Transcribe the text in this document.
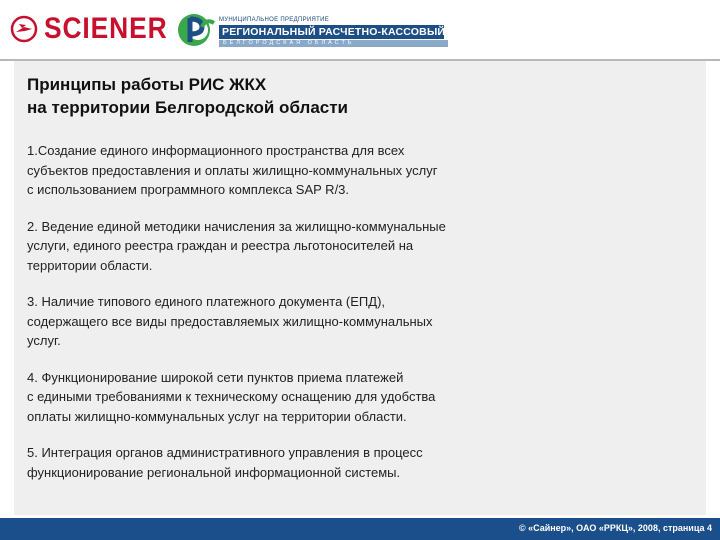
SCIENER	МУНИЦИПАЛЬНОЕ ПРЕДПРИЯТИЕ
РЕГИОНАЛЬНЫЙ РАСЧЕТНО-КАССОВЫЙ ЦЕНТР
БЕЛГОРОДСКАЯ ОБЛАСТЬ
Принципы работы РИС ЖКХ
на территории Белгородской области

1.Создание единого информационного пространства для всех
субъектов предоставления и оплаты жилищно-коммунальных услуг
с использованием программного комплекса SAP R/3.

2. Ведение единой методики начисления за жилищно-коммунальные
услуги, единого реестра граждан и реестра льготоносителей на
территории области.

3. Наличие типового единого платежного документа (ЕПД),
содержащего все виды предоставляемых жилищно-коммунальных
услуг.

4. Функционирование широкой сети пунктов приема платежей
с едиными требованиями к техническому оснащению для удобства
оплаты жилищно-коммунальных услуг на территории области.

5. Интеграция органов административного управления в процесс
функционирование региональной информационной системы.

© «Сайнер», ОАО «РРКЦ», 2008, страница 4
